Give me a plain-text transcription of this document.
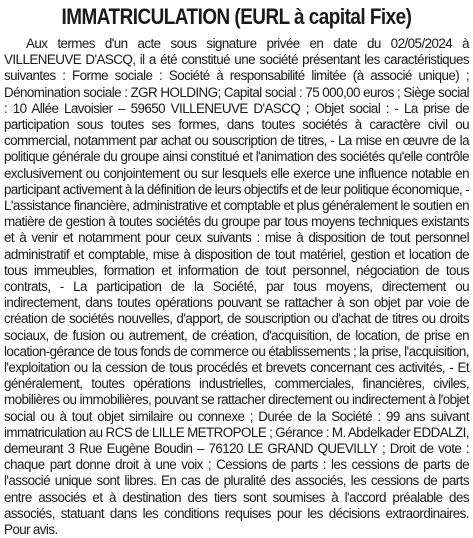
IMMATRICULATION (EURL à capital Fixe)

Aux termes d'un acte sous signature privée en date du 02/05/2024 à VILLENEUVE D'ASCQ, il a été constitué une société présentant les caractéristiques suivantes : Forme sociale : Société à responsabilité limitée (à associé unique) ; Dénomination sociale : ZGR HOLDING; Capital social : 75 000,00 euros ; Siège social : 10 Allée Lavoisier – 59650 VILLENEUVE D'ASCQ ; Objet social : - La prise de participation sous toutes ses formes, dans toutes sociétés à caractère civil ou commercial, notamment par achat ou souscription de titres, - La mise en œuvre de la politique générale du groupe ainsi constitué et l'animation des sociétés qu'elle contrôle exclusivement ou conjointement ou sur lesquels elle exerce une influence notable en participant activement à la définition de leurs objectifs et de leur politique économique, - L'assistance financière, administrative et comptable et plus généralement le soutien en matière de gestion à toutes sociétés du groupe par tous moyens techniques existants et à venir et notamment pour ceux suivants : mise à disposition de tout personnel administratif et comptable, mise à disposition de tout matériel, gestion et location de tous immeubles, formation et information de tout personnel, négociation de tous contrats, - La participation de la Société, par tous moyens, directement ou indirectement, dans toutes opérations pouvant se rattacher à son objet par voie de création de sociétés nouvelles, d'apport, de souscription ou d'achat de titres ou droits sociaux, de fusion ou autrement, de création, d'acquisition, de location, de prise en location-gérance de tous fonds de commerce ou établissements ; la prise, l'acquisition, l'exploitation ou la cession de tous procédés et brevets concernant ces activités, - Et généralement, toutes opérations industrielles, commerciales, financières, civiles, mobilières ou immobilières, pouvant se rattacher directement ou indirectement à l'objet social ou à tout objet similaire ou connexe ; Durée de la Société : 99 ans suivant immatriculation au RCS de LILLE METROPOLE ; Gérance : M. Abdelkader EDDALZI, demeurant 3 Rue Eugène Boudin – 76120 LE GRAND QUEVILLY ; Droit de vote : chaque part donne droit à une voix ; Cessions de parts : les cessions de parts de l'associé unique sont libres. En cas de pluralité des associés, les cessions de parts entre associés et à destination des tiers sont soumises à l'accord préalable des associés, statuant dans les conditions requises pour les décisions extraordinaires. Pour avis.
